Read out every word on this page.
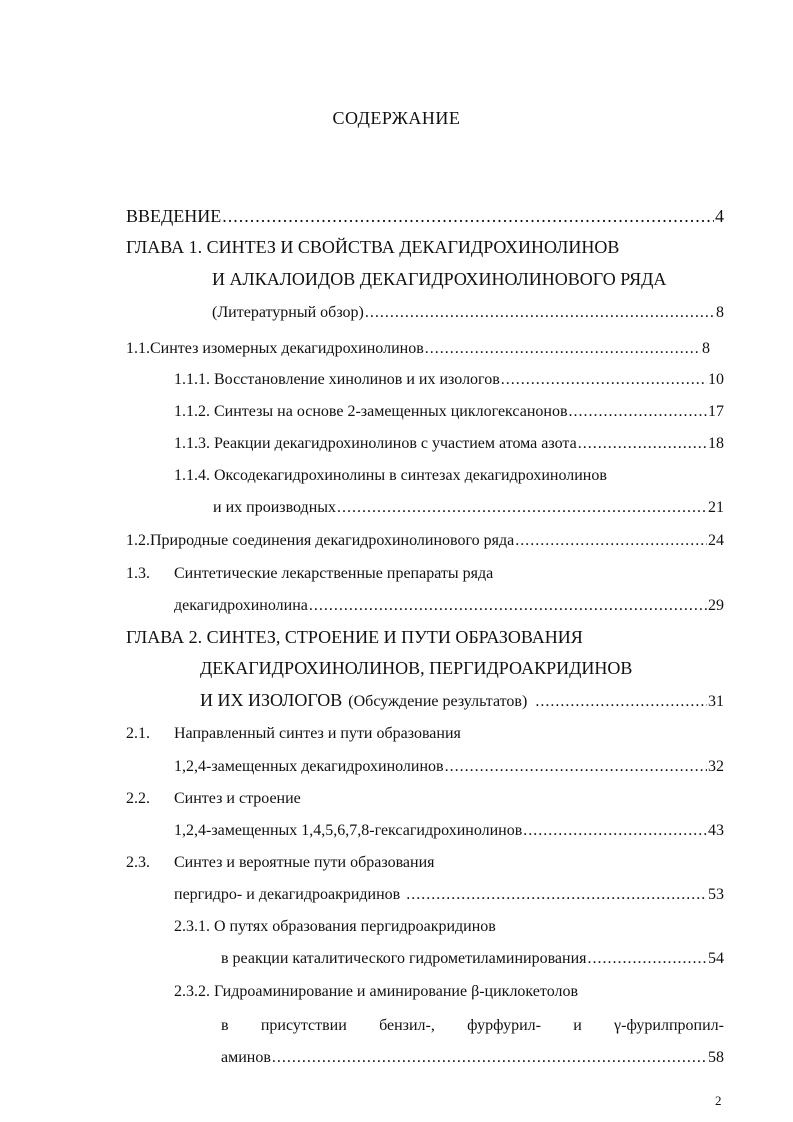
СОДЕРЖАНИЕ
ВВЕДЕНИЕ .....	4
ГЛАВА 1. СИНТЕЗ И СВОЙСТВА ДЕКАГИДРОХИНОЛИНОВ
И АЛКАЛОИДОВ ДЕКАГИДРОХИНОЛИНОВОГО РЯДА
(Литературный обзор) .....	8
1.1. Синтез изомерных декагидрохинолинов .....	8
1.1.1. Восстановление хинолинов и их изологов .....	10
1.1.2. Синтезы на основе 2-замещенных циклогексанонов .....	17
1.1.3. Реакции декагидрохинолинов с участием атома азота .....	18
1.1.4. Оксодекагидрохинолины в синтезах декагидрохинолинов
и их производных .....	21
1.2. Природные соединения декагидрохинолинового ряда .....	24
1.3.	Синтетические лекарственные препараты ряда
декагидрохинолина .....	29
ГЛАВА 2. СИНТЕЗ, СТРОЕНИЕ И ПУТИ ОБРАЗОВАНИЯ
ДЕКАГИДРОХИНОЛИНОВ, ПЕРГИДРОАКРИДИНОВ
И ИХ ИЗОЛОГОВ (Обсуждение результатов) .....	31
2.1.	Направленный синтез и пути образования
1,2,4-замещенных декагидрохинолинов .....	32
2.2.	Синтез и строение
1,2,4-замещенных 1,4,5,6,7,8-гексагидрохинолинов .....	43
2.3.	Синтез и вероятные пути образования
пергидро- и декагидроакридинов .....	53
2.3.1. О путях образования пергидроакридинов
в реакции каталитического гидрометиламинирования .....	54
2.3.2. Гидроаминирование и аминирование β-циклокетолов
в присутствии бензил-, фурфурил- и γ-фурилпропил-
аминов .....	58
2
